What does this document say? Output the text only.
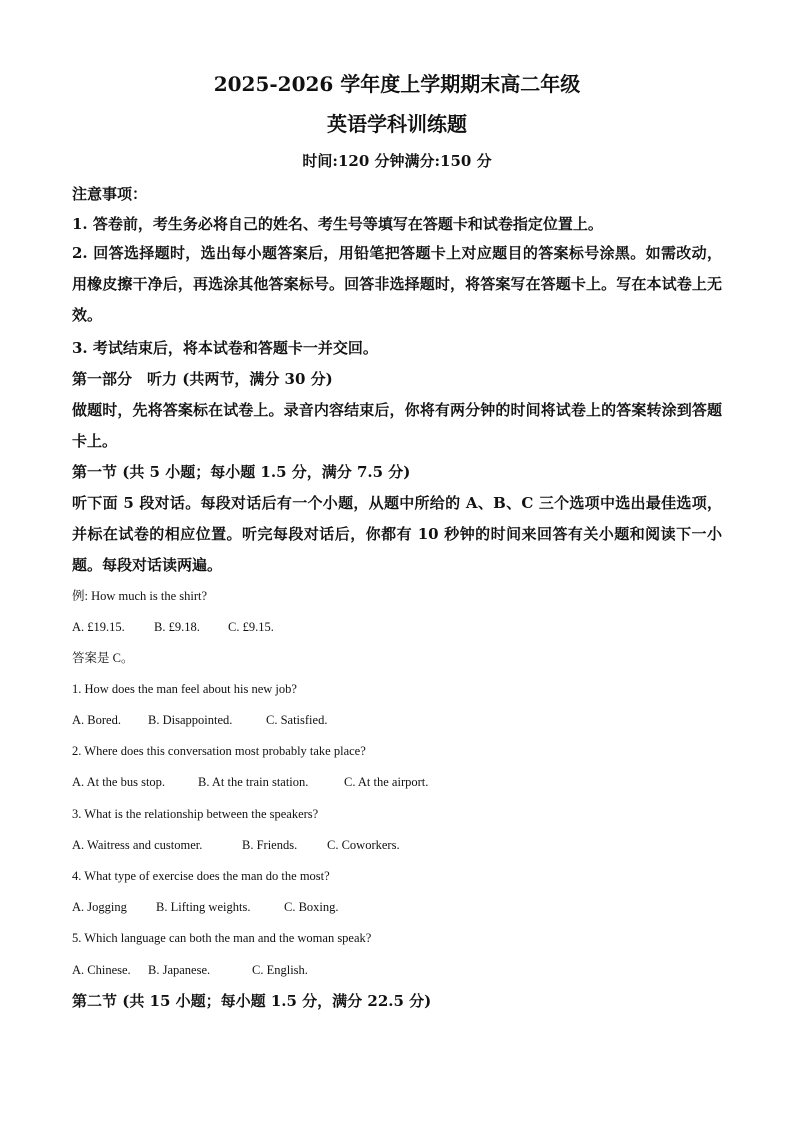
2025-2026 学年度上学期期末高二年级
英语学科训练题
时间:120 分钟满分:150 分
注意事项：
1. 答卷前，考生务必将自己的姓名、考生号等填写在答题卡和试卷指定位置上。
2. 回答选择题时，选出每小题答案后，用铅笔把答题卡上对应题目的答案标号涂黑。如需改动，用橡皮擦干净后，再选涂其他答案标号。回答非选择题时，将答案写在答题卡上。写在本试卷上无效。
3. 考试结束后，将本试卷和答题卡一并交回。
第一部分　听力 (共两节，满分 30 分)
做题时，先将答案标在试卷上。录音内容结束后，你将有两分钟的时间将试卷上的答案转涂到答题卡上。
第一节 (共 5 小题；每小题 1.5 分，满分 7.5 分)
听下面 5 段对话。每段对话后有一个小题，从题中所给的 A、B、C 三个选项中选出最佳选项，并标在试卷的相应位置。听完每段对话后，你都有 10 秒钟的时间来回答有关小题和阅读下一小题。每段对话读两遍。
例: How much is the shirt?
A. £19.15. B. £9.18. C. £9.15.
答案是 C。
1. How does the man feel about his new job?
A. Bored. B. Disappointed.	C. Satisfied.
2. Where does this conversation most probably take place?
A. At the bus stop.	B. At the train station.	C. At the airport.
3. What is the relationship between the speakers?
A. Waitress and customer.	B. Friends. C. Coworkers.
4. What type of exercise does the man do the most?
A. Jogging B. Lifting weights.	C. Boxing.
5. Which language can both the man and the woman speak?
A. Chinese. B. Japanese.	C. English.
第二节 (共 15 小题；每小题 1.5 分，满分 22.5 分)
